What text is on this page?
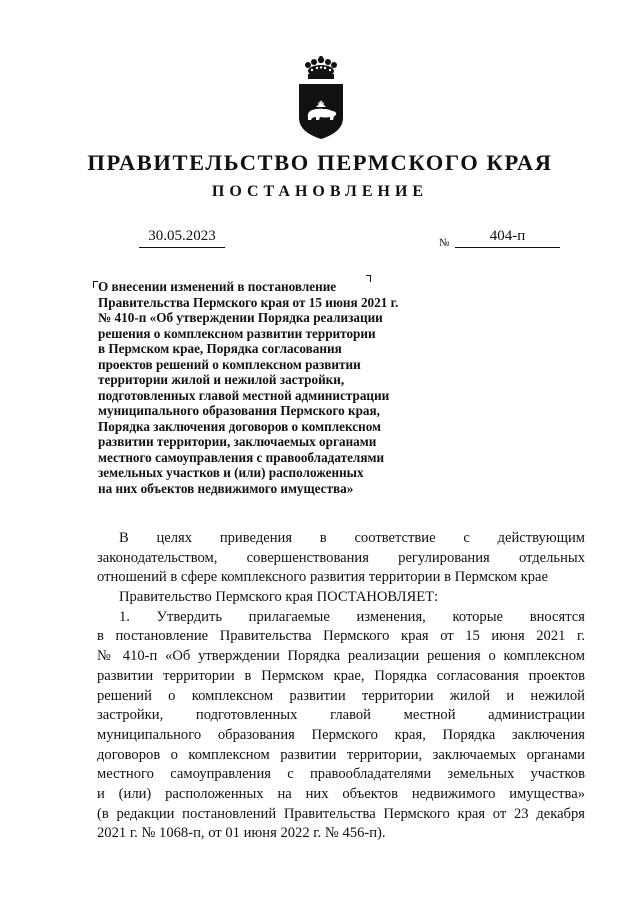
ПРАВИТЕЛЬСТВО ПЕРМСКОГО КРАЯ
ПОСТАНОВЛЕНИЕ
30.05.2023	№	404-п
О внесении изменений в постановление
Правительства Пермского края от 15 июня 2021 г.
№ 410-п «Об утверждении Порядка реализации
решения о комплексном развитии территории
в Пермском крае, Порядка согласования
проектов решений о комплексном развитии
территории жилой и нежилой застройки,
подготовленных главой местной администрации
муниципального образования Пермского края,
Порядка заключения договоров о комплексном
развитии территории, заключаемых органами
местного самоуправления с правообладателями
земельных участков и (или) расположенных
на них объектов недвижимого имущества»
В целях приведения в соответствие с действующим
законодательством, совершенствования регулирования отдельных
отношений в сфере комплексного развития территории в Пермском крае
Правительство Пермского края ПОСТАНОВЛЯЕТ:
1. Утвердить прилагаемые изменения, которые вносятся
в постановление Правительства Пермского края от 15 июня 2021 г.
№ 410-п «Об утверждении Порядка реализации решения о комплексном
развитии территории в Пермском крае, Порядка согласования проектов
решений о комплексном развитии территории жилой и нежилой
застройки, подготовленных главой местной администрации
муниципального образования Пермского края, Порядка заключения
договоров о комплексном развитии территории, заключаемых органами
местного самоуправления с правообладателями земельных участков
и (или) расположенных на них объектов недвижимого имущества»
(в редакции постановлений Правительства Пермского края от 23 декабря
2021 г. № 1068-п, от 01 июня 2022 г. № 456-п).
